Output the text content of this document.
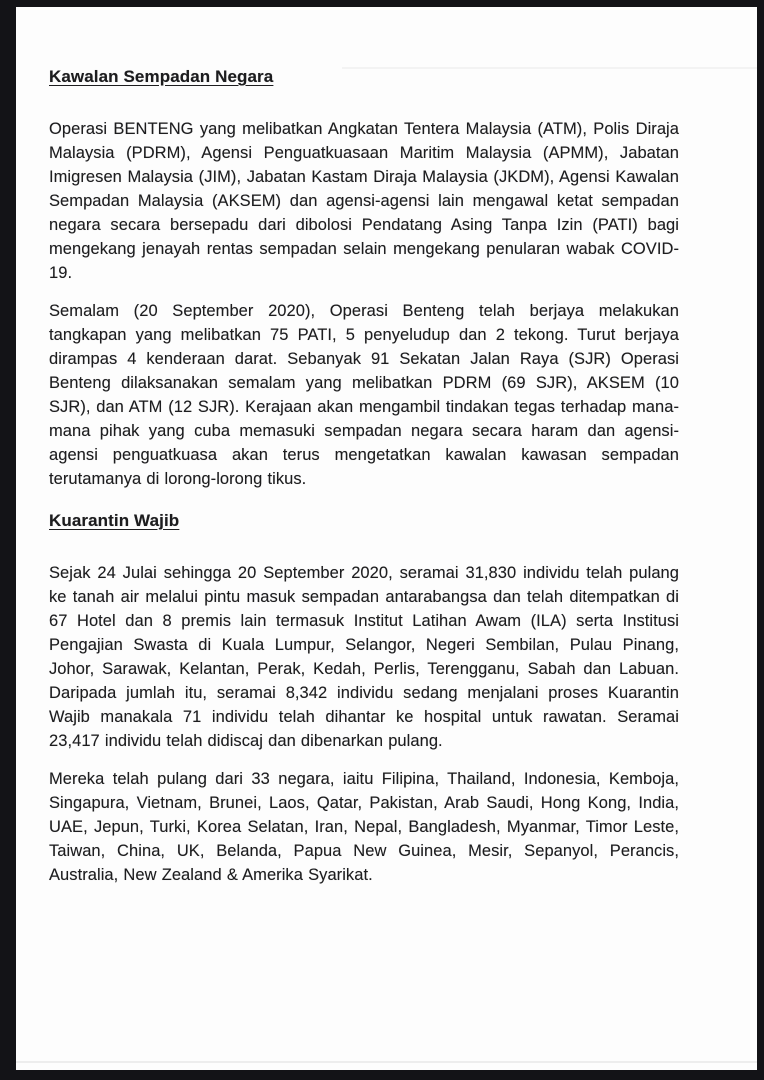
Kawalan Sempadan Negara

Operasi BENTENG yang melibatkan Angkatan Tentera Malaysia (ATM), Polis Diraja Malaysia (PDRM), Agensi Penguatkuasaan Maritim Malaysia (APMM), Jabatan Imigresen Malaysia (JIM), Jabatan Kastam Diraja Malaysia (JKDM), Agensi Kawalan Sempadan Malaysia (AKSEM) dan agensi-agensi lain mengawal ketat sempadan negara secara bersepadu dari dibolosi Pendatang Asing Tanpa Izin (PATI) bagi mengekang jenayah rentas sempadan selain mengekang penularan wabak COVID-19.

Semalam (20 September 2020), Operasi Benteng telah berjaya melakukan tangkapan yang melibatkan 75 PATI, 5 penyeludup dan 2 tekong. Turut berjaya dirampas 4 kenderaan darat. Sebanyak 91 Sekatan Jalan Raya (SJR) Operasi Benteng dilaksanakan semalam yang melibatkan PDRM (69 SJR), AKSEM (10 SJR), dan ATM (12 SJR). Kerajaan akan mengambil tindakan tegas terhadap mana-mana pihak yang cuba memasuki sempadan negara secara haram dan agensi-agensi penguatkuasa akan terus mengetatkan kawalan kawasan sempadan terutamanya di lorong-lorong tikus.

Kuarantin Wajib

Sejak 24 Julai sehingga 20 September 2020, seramai 31,830 individu telah pulang ke tanah air melalui pintu masuk sempadan antarabangsa dan telah ditempatkan di 67 Hotel dan 8 premis lain termasuk Institut Latihan Awam (ILA) serta Institusi Pengajian Swasta di Kuala Lumpur, Selangor, Negeri Sembilan, Pulau Pinang, Johor, Sarawak, Kelantan, Perak, Kedah, Perlis, Terengganu, Sabah dan Labuan. Daripada jumlah itu, seramai 8,342 individu sedang menjalani proses Kuarantin Wajib manakala 71 individu telah dihantar ke hospital untuk rawatan. Seramai 23,417 individu telah didiscaj dan dibenarkan pulang.

Mereka telah pulang dari 33 negara, iaitu Filipina, Thailand, Indonesia, Kemboja, Singapura, Vietnam, Brunei, Laos, Qatar, Pakistan, Arab Saudi, Hong Kong, India, UAE, Jepun, Turki, Korea Selatan, Iran, Nepal, Bangladesh, Myanmar, Timor Leste, Taiwan, China, UK, Belanda, Papua New Guinea, Mesir, Sepanyol, Perancis, Australia, New Zealand & Amerika Syarikat.
